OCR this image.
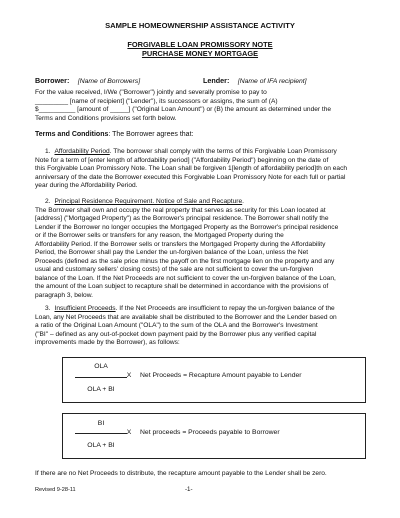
SAMPLE HOMEOWNERSHIP ASSISTANCE ACTIVITY
FORGIVABLE LOAN PROMISSORY NOTE
PURCHASE MONEY MORTGAGE
Borrower: [Name of Borrowers]	Lender: [Name of IFA recipient]
For the value received, I/We ("Borrower") jointly and severally promise to pay to
_________ [name of recipient] ("Lender"), its successors or assigns, the sum of (A)
$__________ [amount of _____] ("Original Loan Amount") or (B) the amount as determined under the
Terms and Conditions provisions set forth below.
Terms and Conditions: The Borrower agrees that:
1. Affordability Period. The borrower shall comply with the terms of this Forgivable Loan Promissory
Note for a term of [enter length of affordability period] ("Affordability Period") beginning on the date of
this Forgivable Loan Promissory Note. The Loan shall be forgiven 1[length of affordability period]th on each
anniversary of the date the Borrower executed this Forgivable Loan Promissory Note for each full or partial
year during the Affordability Period.
2. Principal Residence Requirement. Notice of Sale and Recapture.
The Borrower shall own and occupy the real property that serves as security for this Loan located at
[address] ("Mortgaged Property") as the Borrower's principal residence. The Borrower shall notify the
Lender if the Borrower no longer occupies the Mortgaged Property as the Borrower's principal residence
or if the Borrower sells or transfers for any reason, the Mortgaged Property during the
Affordability Period. If the Borrower sells or transfers the Mortgaged Property during the Affordability
Period, the Borrower shall pay the Lender the un-forgiven balance of the Loan, unless the Net
Proceeds (defined as the sale price minus the payoff on the first mortgage lien on the property and any
usual and customary sellers' closing costs) of the sale are not sufficient to cover the un-forgiven
balance of the Loan. If the Net Proceeds are not sufficient to cover the un-forgiven balance of the Loan,
the amount of the Loan subject to recapture shall be determined in accordance with the provisions of
paragraph 3, below.
3. Insufficient Proceeds. If the Net Proceeds are insufficient to repay the un-forgiven balance of the
Loan, any Net Proceeds that are available shall be distributed to the Borrower and the Lender based on
a ratio of the Original Loan Amount ("OLA") to the sum of the OLA and the Borrower's Investment
("BI" – defined as any out-of-pocket down payment paid by the Borrower plus any verified capital
improvements made by the Borrower), as follows:
OLA
OLA + BI
X	Net Proceeds = Recapture Amount payable to Lender
BI
OLA + BI
X	Net proceeds = Proceeds payable to Borrower
If there are no Net Proceeds to distribute, the recapture amount payable to the Lender shall be zero.
Revised 9-28-11	-1-
